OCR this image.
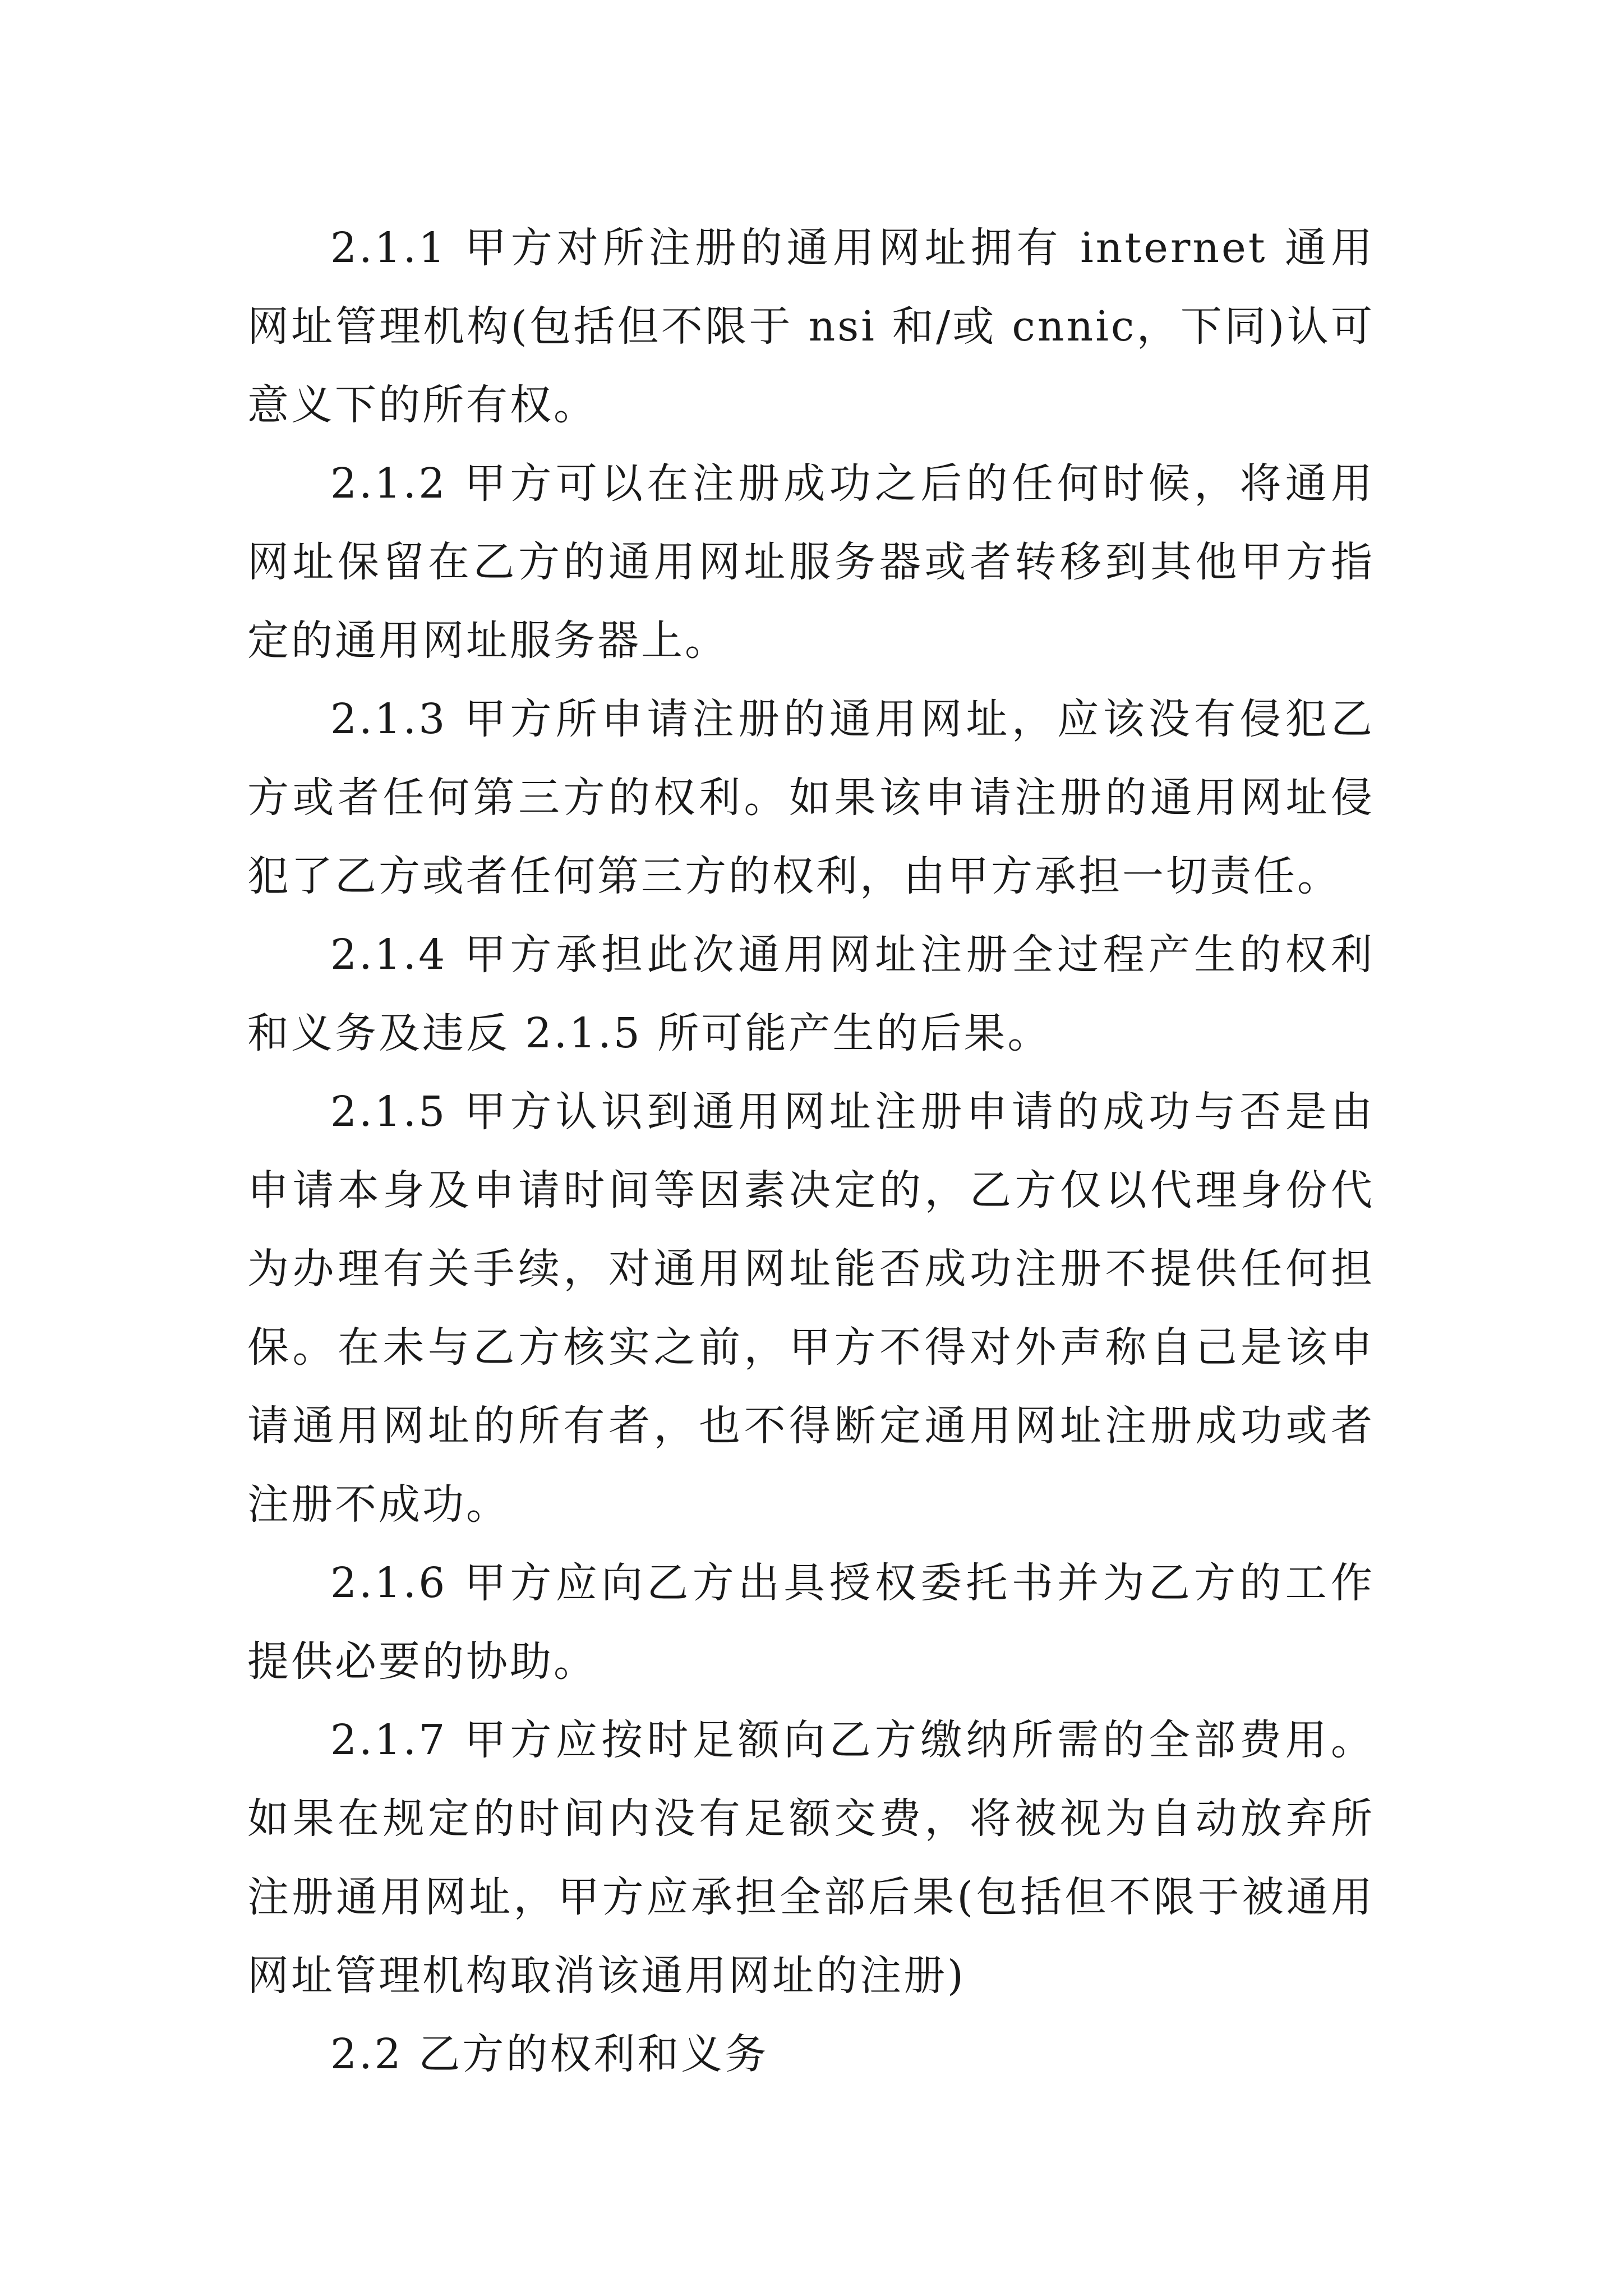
2.1.1 甲方对所注册的通用网址拥有 internet 通用网址管理机构(包括但不限于 nsi 和/或 cnnic，下同)认可意义下的所有权。

2.1.2 甲方可以在注册成功之后的任何时候，将通用网址保留在乙方的通用网址服务器或者转移到其他甲方指定的通用网址服务器上。

2.1.3 甲方所申请注册的通用网址，应该没有侵犯乙方或者任何第三方的权利。如果该申请注册的通用网址侵犯了乙方或者任何第三方的权利，由甲方承担一切责任。

2.1.4 甲方承担此次通用网址注册全过程产生的权利和义务及违反 2.1.5 所可能产生的后果。

2.1.5 甲方认识到通用网址注册申请的成功与否是由申请本身及申请时间等因素决定的，乙方仅以代理身份代为办理有关手续，对通用网址能否成功注册不提供任何担保。在未与乙方核实之前，甲方不得对外声称自己是该申请通用网址的所有者，也不得断定通用网址注册成功或者注册不成功。

2.1.6 甲方应向乙方出具授权委托书并为乙方的工作提供必要的协助。

2.1.7 甲方应按时足额向乙方缴纳所需的全部费用。如果在规定的时间内没有足额交费，将被视为自动放弃所注册通用网址，甲方应承担全部后果(包括但不限于被通用网址管理机构取消该通用网址的注册)

2.2 乙方的权利和义务
